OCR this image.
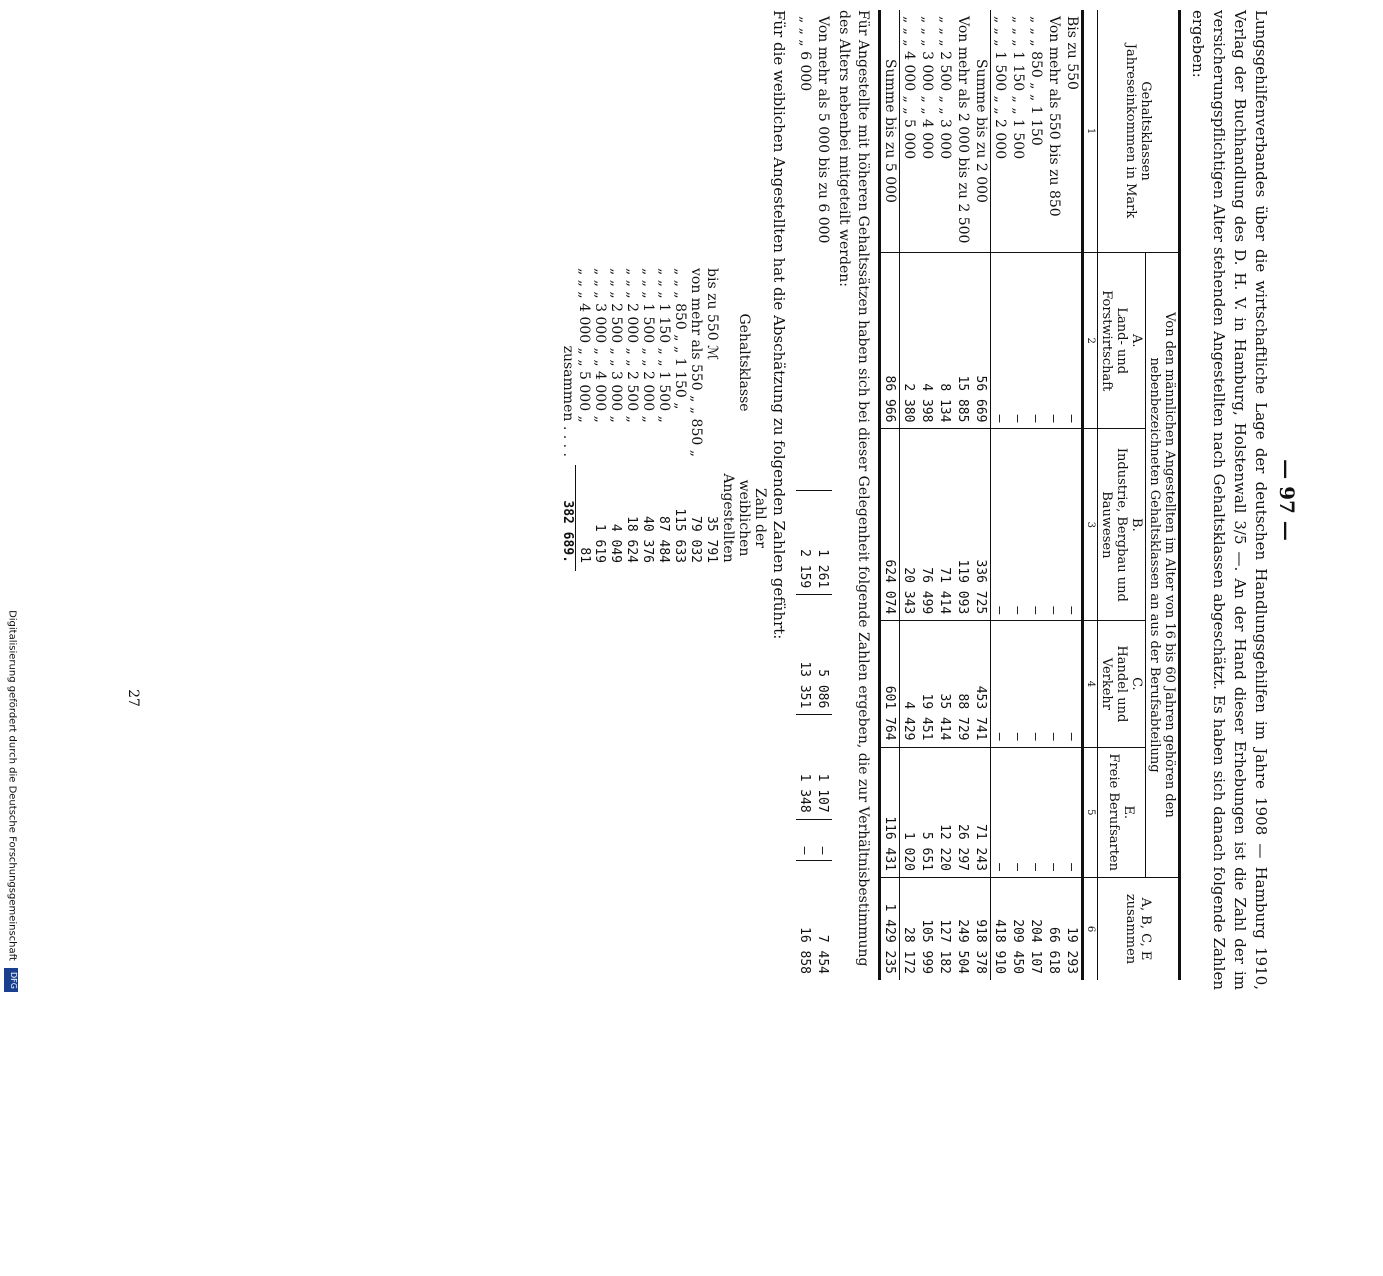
Digitalisierung gefördert durch die Deutsche Forschungsgemeinschaft
DFG
27
— 97 —
Lungsgehilfenverbandes über die wirtschaftliche Lage der deutschen Handlungsgehilfen im Jahre 1908 — Hamburg 1910, Verlag der Buchhandlung des D. H. V. in Hamburg, Holstenwall 3/5 —. An der Hand dieser Erhebungen ist die Zahl der im versicherungspflichtigen Alter stehenden Angestellten nach Gehaltsklassen abgeschätzt. Es haben sich danach folgende Zahlen ergeben:
Gehaltsklassen
Jahreseinkommen in Mark	Von den männlichen Angestellten im Alter von 16 bis 60 Jahren gehören den nebenbezeichneten Gehaltsklassen an aus der Berufsabteilung				A, B, C, E zusammen
	A.
Land- und Forstwirtschaft	B.
Industrie, Bergbau und Bauwesen	C.
Handel und Verkehr	E.
Freie Berufsarten	
1	2	3	4	5	6
Bis zu 550	—	—	—	—	19 293
Von mehr als 550 bis zu 850	—	—	—	—	66 618
„ „ „ 850 „ „ 1 150	—	—	—	—	204 107
„ „ „ 1 150 „ „ 1 500	—	—	—	—	209 450
„ „ „ 1 500 „ „ 2 000	—	—	—	—	418 910
Summe bis zu 2 000	56 669	336 725	453 741	71 243	918 378
Von mehr als 2 000 bis zu 2 500	15 885	119 093	88 729	26 297	249 504
„ „ „ 2 500 „ „ 3 000	8 134	71 414	35 414	12 220	127 182
„ „ „ 3 000 „ „ 4 000	4 398	76 499	19 451	5 651	105 999
„ „ „ 4 000 „ „ 5 000	2 380	20 343	4 429	1 020	28 172
Summe bis zu 5 000	86 966	624 074	601 764	116 431	1 429 235
Für Angestellte mit höheren Gehaltssätzen haben sich bei dieser Gelegenheit folgende Zahlen ergeben, die zur Verhältnisbestimmung des Alters nebenbei mitgeteilt werden:
Von mehr als 5 000 bis zu 6 000	1 261	5 086	1 107	—	7 454
„ „ „ 6 000	2 159	13 351	1 348	—	16 858
Für die weiblichen Angestellten hat die Abschätzung zu folgenden Zahlen geführt:
Gehaltsklasse	Zahl der weiblichen Angestellten
bis zu 550 ℳ	35 791
von mehr als 550 „ „ 850 „	79 032
„ „ „ 850 „ „ 1 150 „	115 633
„ „ „ 1 150 „ „ 1 500 „	87 484
„ „ „ 1 500 „ „ 2 000 „	40 376
„ „ „ 2 000 „ „ 2 500 „	18 624
„ „ „ 2 500 „ „ 3 000 „	4 049
„ „ „ 3 000 „ „ 4 000 „	1 619
„ „ „ 4 000 „ „ 5 000 „	81
zusammen . . . .	382 689.
